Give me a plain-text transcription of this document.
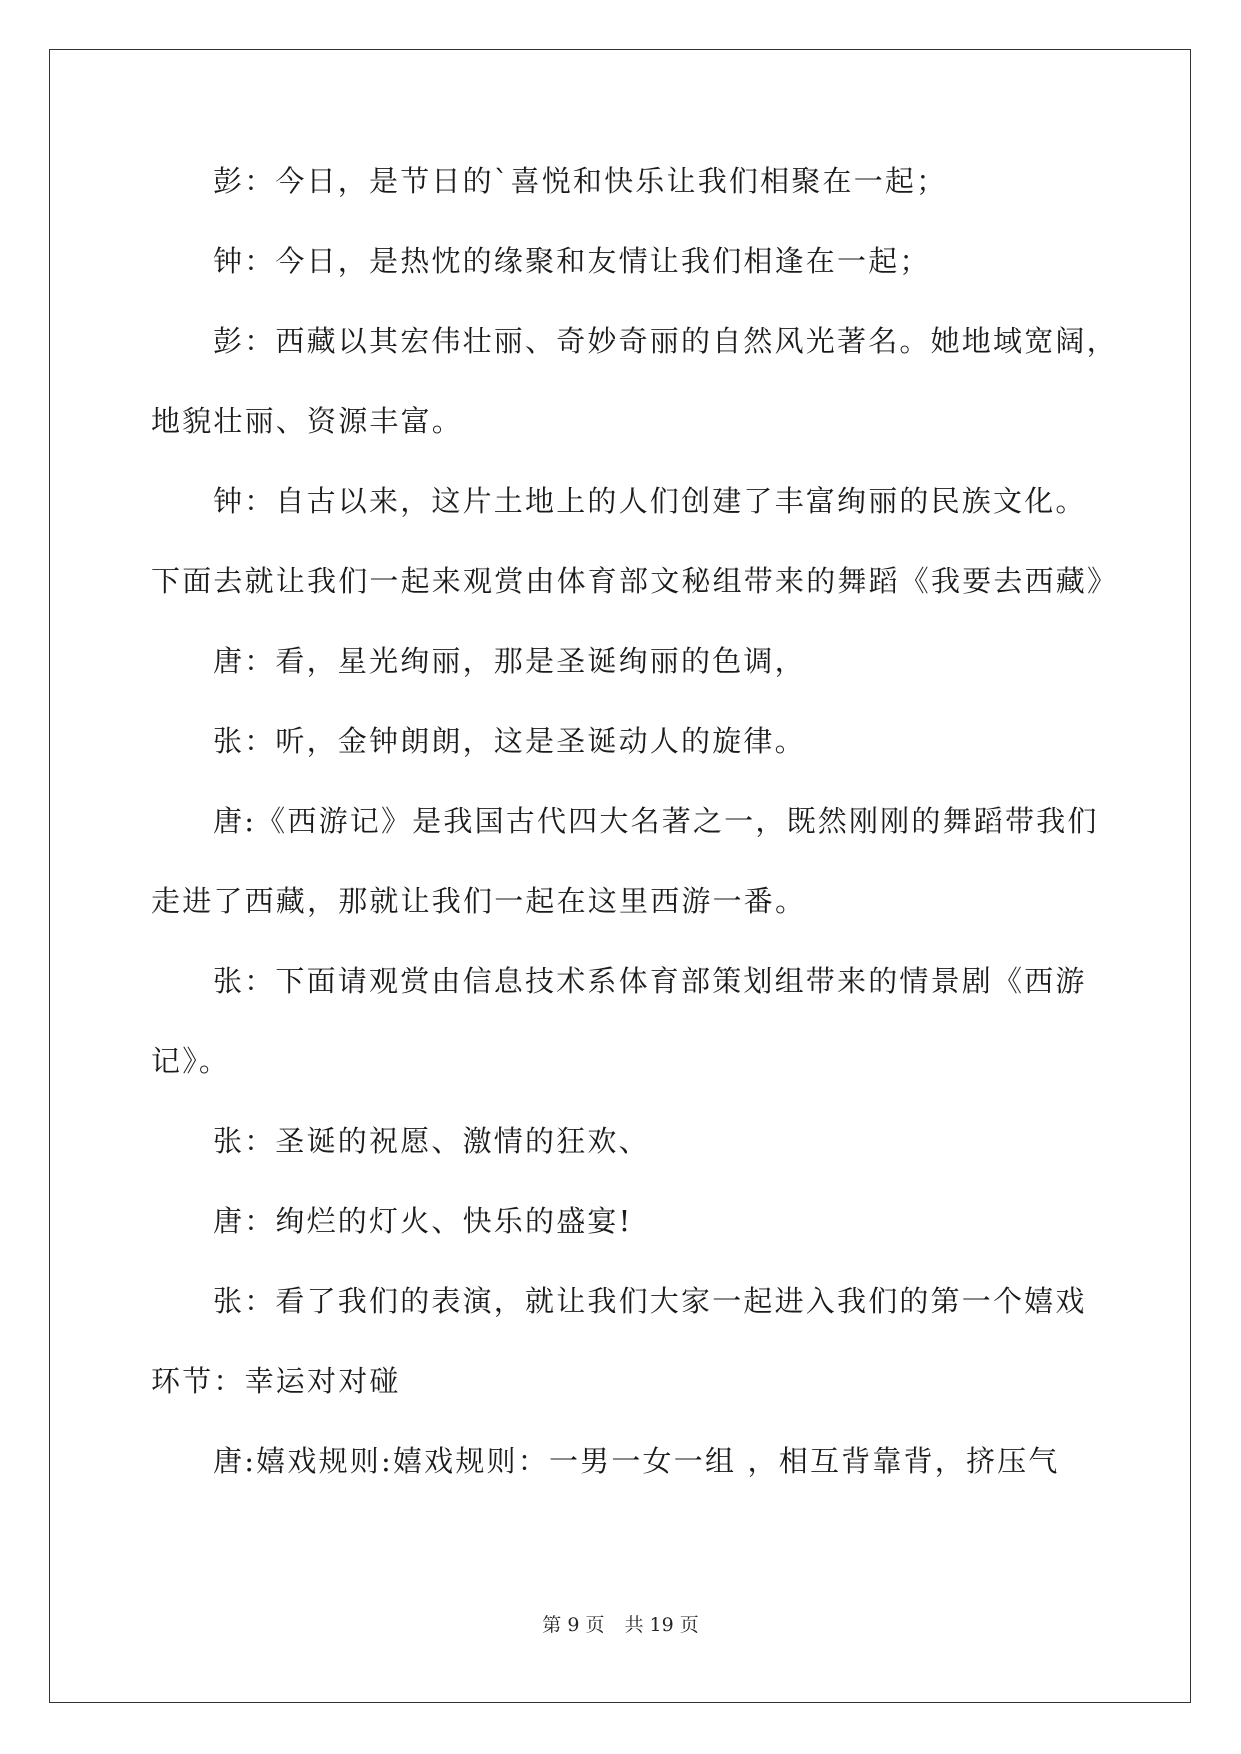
彭：今日，是节日的`喜悦和快乐让我们相聚在一起；
钟：今日，是热忱的缘聚和友情让我们相逢在一起；
彭：西藏以其宏伟壮丽、奇妙奇丽的自然风光著名。她地域宽阔，
地貌壮丽、资源丰富。
钟：自古以来，这片土地上的人们创建了丰富绚丽的民族文化。
下面去就让我们一起来观赏由体育部文秘组带来的舞蹈《我要去西藏》
唐：看，星光绚丽，那是圣诞绚丽的色调，
张：听，金钟朗朗，这是圣诞动人的旋律。
唐:《西游记》是我国古代四大名著之一，既然刚刚的舞蹈带我们
走进了西藏，那就让我们一起在这里西游一番。
张：下面请观赏由信息技术系体育部策划组带来的情景剧《西游
记》。
张：圣诞的祝愿、激情的狂欢、
唐：绚烂的灯火、快乐的盛宴!
张：看了我们的表演，就让我们大家一起进入我们的第一个嬉戏
环节：幸运对对碰
唐:嬉戏规则:嬉戏规则：一男一女一组 ，相互背靠背，挤压气
第 9 页 共 19 页
